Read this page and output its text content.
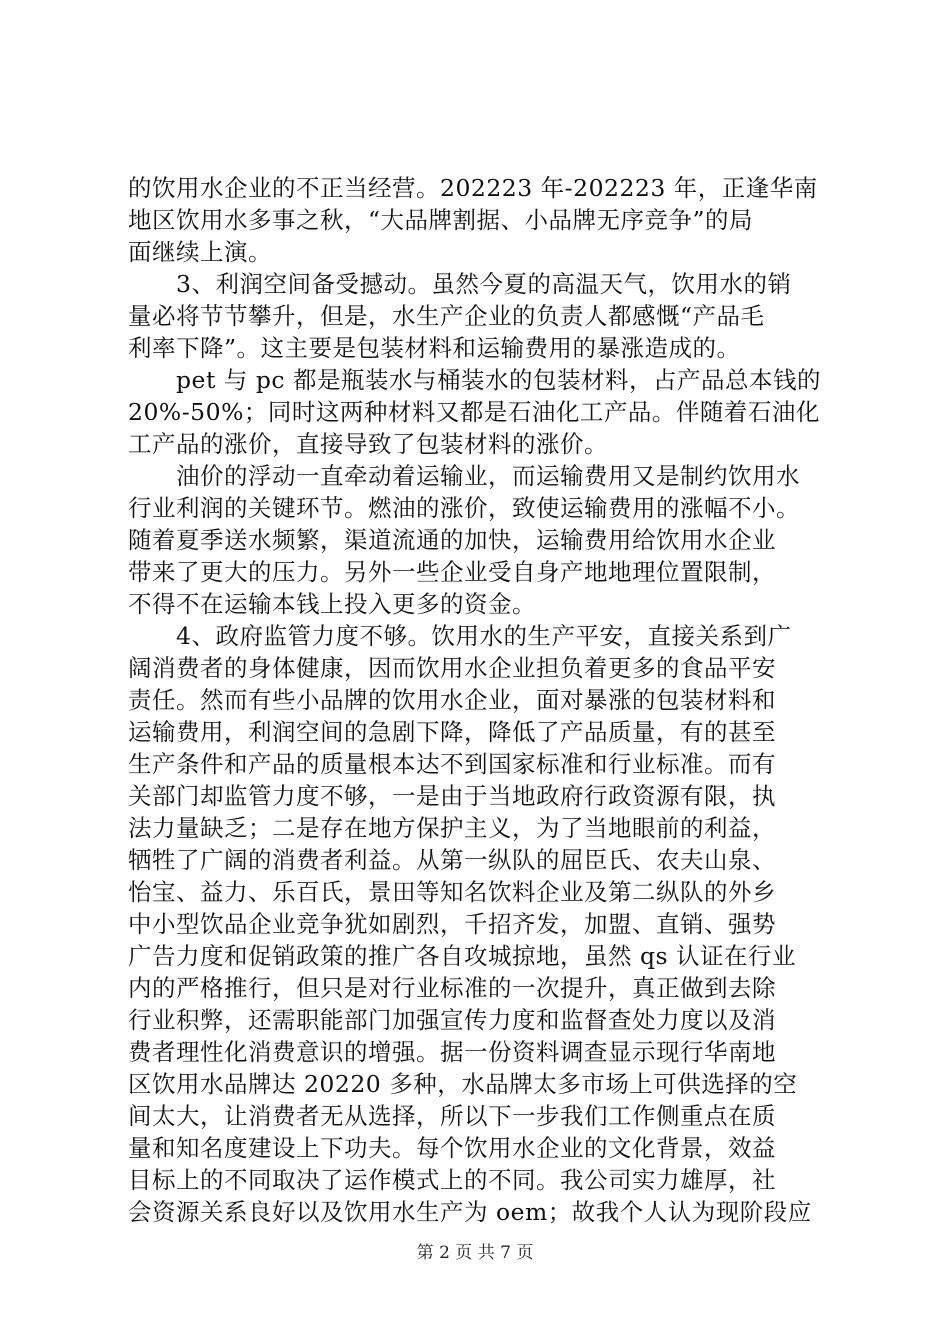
的饮用水企业的不正当经营。202223 年-202223 年，正逢华南
地区饮用水多事之秋，“大品牌割据、小品牌无序竞争”的局
面继续上演。
　　3、利润空间备受撼动。虽然今夏的高温天气，饮用水的销
量必将节节攀升，但是，水生产企业的负责人都感慨“产品毛
利率下降”。这主要是包装材料和运输费用的暴涨造成的。
　　pet 与 pc 都是瓶装水与桶装水的包装材料，占产品总本钱的
20%-50%；同时这两种材料又都是石油化工产品。伴随着石油化
工产品的涨价，直接导致了包装材料的涨价。
　　油价的浮动一直牵动着运输业，而运输费用又是制约饮用水
行业利润的关键环节。燃油的涨价，致使运输费用的涨幅不小。
随着夏季送水频繁，渠道流通的加快，运输费用给饮用水企业
带来了更大的压力。另外一些企业受自身产地地理位置限制，
不得不在运输本钱上投入更多的资金。
　　4、政府监管力度不够。饮用水的生产平安，直接关系到广
阔消费者的身体健康，因而饮用水企业担负着更多的食品平安
责任。然而有些小品牌的饮用水企业，面对暴涨的包装材料和
运输费用，利润空间的急剧下降，降低了产品质量，有的甚至
生产条件和产品的质量根本达不到国家标准和行业标准。而有
关部门却监管力度不够，一是由于当地政府行政资源有限，执
法力量缺乏；二是存在地方保护主义，为了当地眼前的利益，
牺牲了广阔的消费者利益。从第一纵队的屈臣氏、农夫山泉、
怡宝、益力、乐百氏，景田等知名饮料企业及第二纵队的外乡
中小型饮品企业竞争犹如剧烈，千招齐发，加盟、直销、强势
广告力度和促销政策的推广各自攻城掠地，虽然 qs 认证在行业
内的严格推行，但只是对行业标准的一次提升，真正做到去除
行业积弊，还需职能部门加强宣传力度和监督查处力度以及消
费者理性化消费意识的增强。据一份资料调查显示现行华南地
区饮用水品牌达 20220 多种，水品牌太多市场上可供选择的空
间太大，让消费者无从选择，所以下一步我们工作侧重点在质
量和知名度建设上下功夫。每个饮用水企业的文化背景，效益
目标上的不同取决了运作模式上的不同。我公司实力雄厚，社
会资源关系良好以及饮用水生产为 oem；故我个人认为现阶段应
第 2 页 共 7 页
